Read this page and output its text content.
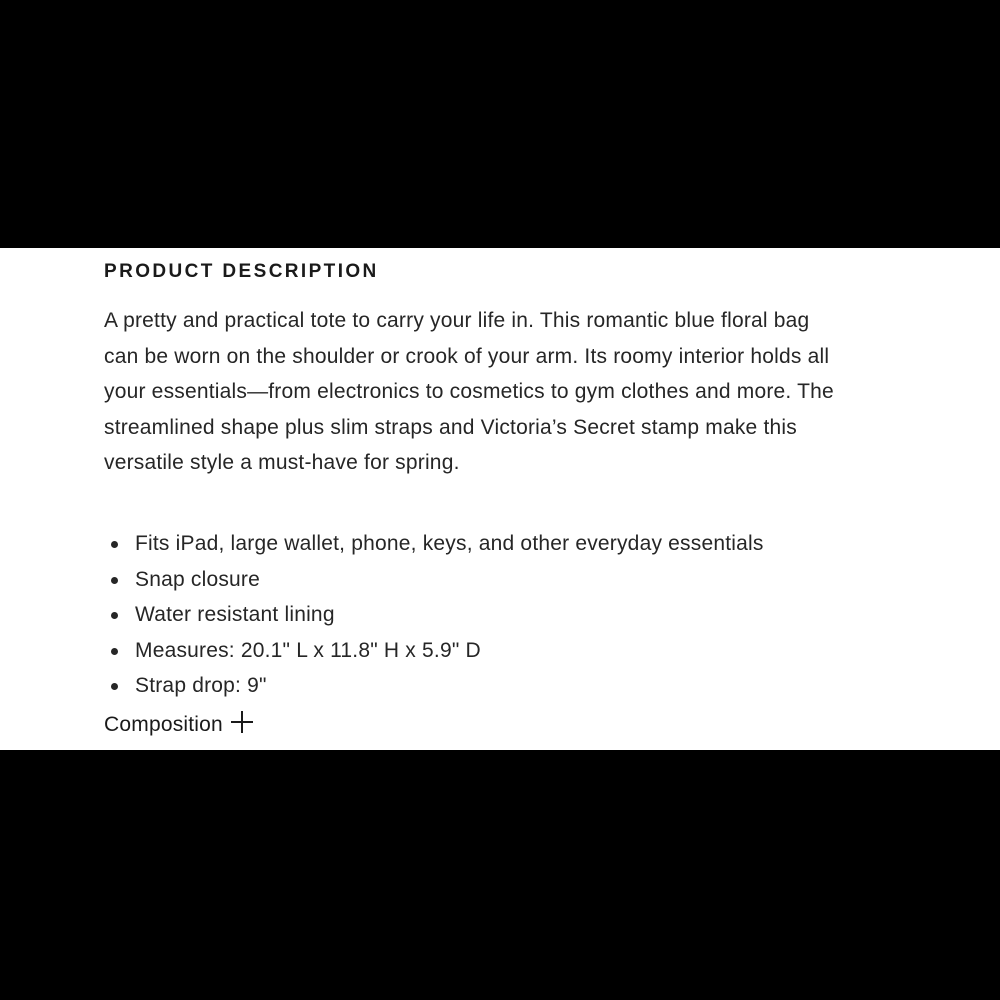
PRODUCT DESCRIPTION

A pretty and practical tote to carry your life in. This romantic blue floral bag can be worn on the shoulder or crook of your arm. Its roomy interior holds all your essentials—from electronics to cosmetics to gym clothes and more. The streamlined shape plus slim straps and Victoria’s Secret stamp make this versatile style a must-have for spring.

Fits iPad, large wallet, phone, keys, and other everyday essentials
Snap closure
Water resistant lining
Measures: 20.1" L x 11.8" H x 5.9" D
Strap drop: 9"
Composition
